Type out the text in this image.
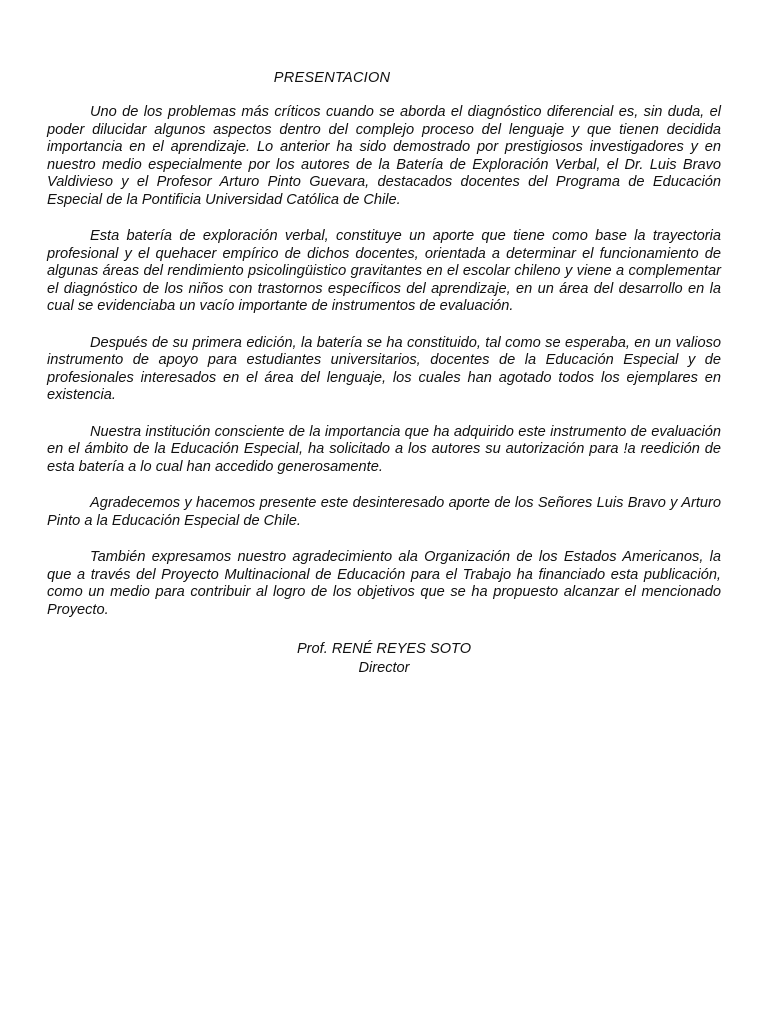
PRESENTACION

Uno de los problemas más críticos cuando se aborda el diagnóstico diferencial es, sin duda, el poder dilucidar algunos aspectos dentro del complejo proceso del lenguaje y que tienen decidida importancia en el aprendizaje. Lo anterior ha sido demostrado por prestigiosos investigadores y en nuestro medio especialmente por los autores de la Batería de Exploración Verbal, el Dr. Luis Bravo Valdivieso y el Profesor Arturo Pinto Guevara, destacados docentes del Programa de Educación Especial de la Pontificia Universidad Católica de Chile.

Esta batería de exploración verbal, constituye un aporte que tiene como base la trayectoria profesional y el quehacer empírico de dichos docentes, orientada a determinar el funcionamiento de algunas áreas del rendimiento psicolingüistico gravitantes en el escolar chileno y viene a complementar el diagnóstico de los niños con trastornos específicos del aprendizaje, en un área del desarrollo en la cual se evidenciaba un vacío importante de instrumentos de evaluación.

Después de su primera edición, la batería se ha constituido, tal como se esperaba, en un valioso instrumento de apoyo para estudiantes universitarios, docentes de la Educación Especial y de profesionales interesados en el área del lenguaje, los cuales han agotado todos los ejemplares en existencia.

Nuestra institución consciente de la importancia que ha adquirido este instrumento de evaluación en el ámbito de la Educación Especial, ha solicitado a los autores su autorización para !a reedición de esta batería a lo cual han accedido generosamente.

Agradecemos y hacemos presente este desinteresado aporte de los Señores Luis Bravo y Arturo Pinto a la Educación Especial de Chile.

También expresamos nuestro agradecimiento ala Organización de los Estados Americanos, la que a través del Proyecto Multinacional de Educación para el Trabajo ha financiado esta publicación, como un medio para contribuir al logro de los objetivos que se ha propuesto alcanzar el mencionado Proyecto.

Prof. RENÉ REYES SOTO
Director
